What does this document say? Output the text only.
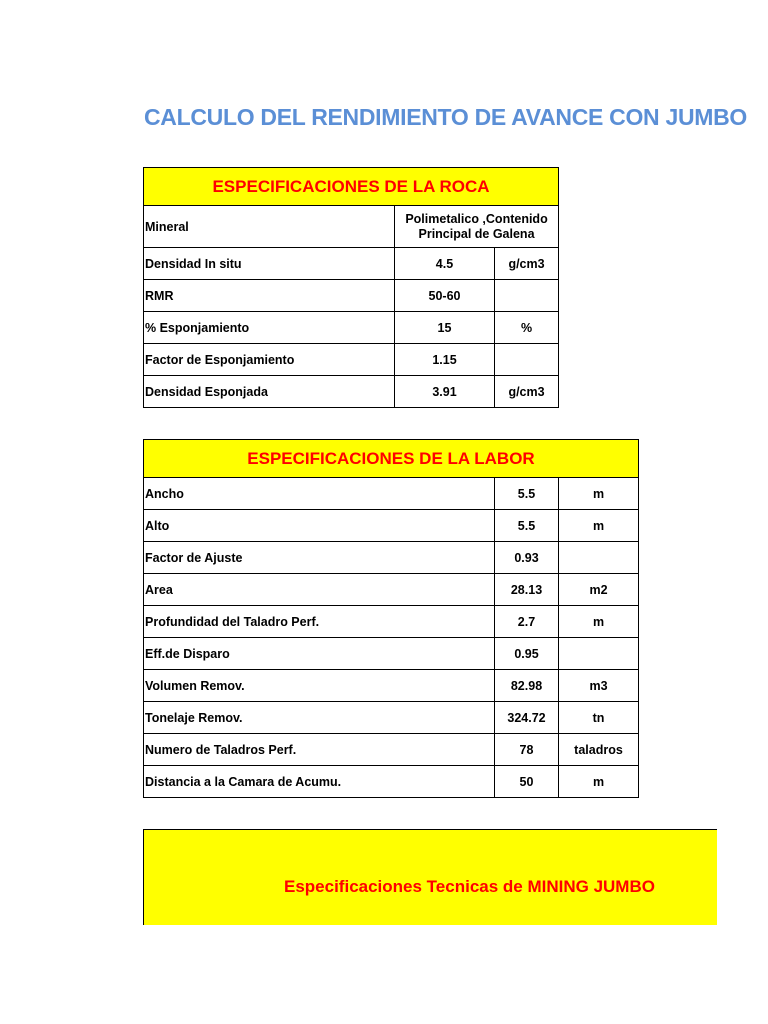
CALCULO DEL RENDIMIENTO DE AVANCE CON JUMBO
ESPECIFICACIONES DE LA ROCA		
Mineral	Polimetalico ,Contenido Principal de Galena	
Densidad In situ	4.5	g/cm3
RMR	50-60	
% Esponjamiento	15	%
Factor de Esponjamiento	1.15	
Densidad Esponjada	3.91	g/cm3
ESPECIFICACIONES DE LA LABOR		
Ancho	5.5	m
Alto	5.5	m
Factor de Ajuste	0.93	
Area	28.13	m2
Profundidad del Taladro Perf.	2.7	m
Eff.de Disparo	0.95	
Volumen Remov.	82.98	m3
Tonelaje Remov.	324.72	tn
Numero de Taladros Perf.	78	taladros
Distancia a la Camara de Acumu.	50	m
Especificaciones Tecnicas de MINING JUMBO
